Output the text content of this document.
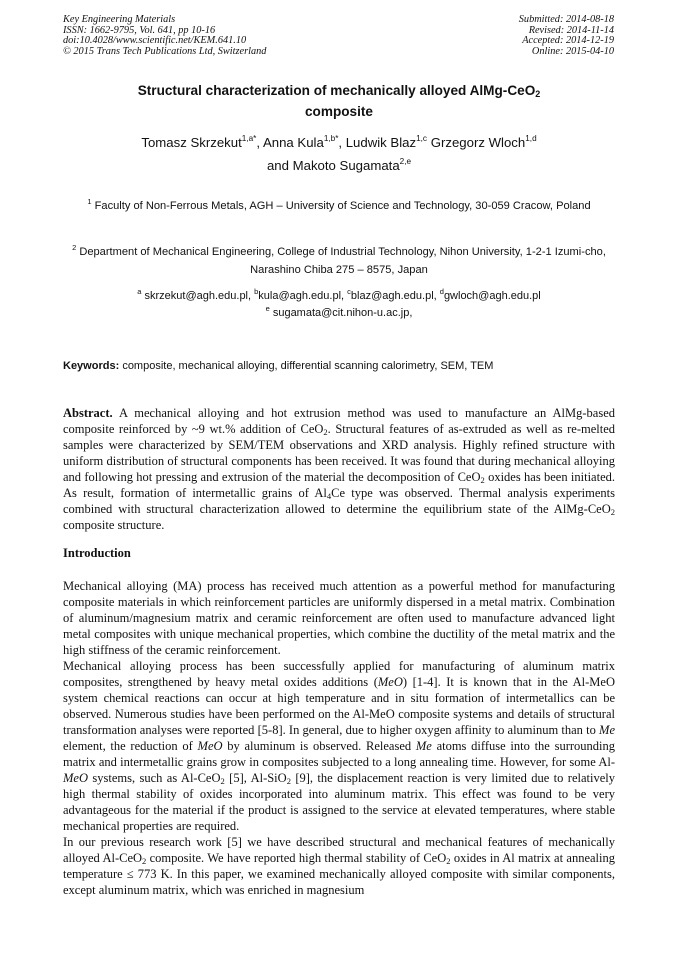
Key Engineering Materials
ISSN: 1662-9795, Vol. 641, pp 10-16
doi:10.4028/www.scientific.net/KEM.641.10
© 2015 Trans Tech Publications Ltd, Switzerland
Submitted: 2014-08-18
Revised: 2014-11-14
Accepted: 2014-12-19
Online: 2015-04-10
Structural characterization of mechanically alloyed AlMg-CeO$_2$
composite
Tomasz Skrzekut$^{1,a*}$, Anna Kula$^{1,b*}$, Ludwik Blaz$^{1,c}$ Grzegorz Wloch$^{1,d}$
and Makoto Sugamata$^{2,e}$
$^1$ Faculty of Non-Ferrous Metals, AGH – University of Science and Technology, 30-059 Cracow, Poland
$^2$ Department of Mechanical Engineering, College of Industrial Technology, Nihon University, 1-2-1 Izumi-cho, Narashino Chiba 275 – 8575, Japan
$^a$ skrzekut@agh.edu.pl, $^b$kula@agh.edu.pl, $^c$blaz@agh.edu.pl, $^d$gwloch@agh.edu.pl
$^e$ sugamata@cit.nihon-u.ac.jp,
Keywords: composite, mechanical alloying, differential scanning calorimetry, SEM, TEM

Abstract. A mechanical alloying and hot extrusion method was used to manufacture an AlMg-based composite reinforced by ~9 wt.% addition of CeO$_2$. Structural features of as-extruded as well as re-melted samples were characterized by SEM/TEM observations and XRD analysis. Highly refined structure with uniform distribution of structural components has been received. It was found that during mechanical alloying and following hot pressing and extrusion of the material the decomposition of CeO$_2$ oxides has been initiated. As result, formation of intermetallic grains of $Al_4Ce$ type was observed. Thermal analysis experiments combined with structural characterization allowed to determine the equilibrium state of the AlMg-CeO$_2$ composite structure.

Introduction

Mechanical alloying (MA) process has received much attention as a powerful method for manufacturing composite materials in which reinforcement particles are uniformly dispersed in a metal matrix. Combination of aluminum/magnesium matrix and ceramic reinforcement are often used to manufacture advanced light metal composites with unique mechanical properties, which combine the ductility of the metal matrix and the high stiffness of the ceramic reinforcement.

Mechanical alloying process has been successfully applied for manufacturing of aluminum matrix composites, strengthened by heavy metal oxides additions (MeO) [1-4]. It is known that in the Al-MeO system chemical reactions can occur at high temperature and in situ formation of intermetallics can be observed. Numerous studies have been performed on the Al-MeO composite systems and details of structural transformation analyses were reported [5-8]. In general, due to higher oxygen affinity to aluminum than to Me element, the reduction of MeO by aluminum is observed. Released Me atoms diffuse into the surrounding matrix and intermetallic grains grow in composites subjected to a long annealing time. However, for some Al-MeO systems, such as Al-CeO$_2$ [5], Al-SiO$_2$ [9], the displacement reaction is very limited due to relatively high thermal stability of oxides incorporated into aluminum matrix. This effect was found to be very advantageous for the material if the product is assigned to the service at elevated temperatures, where stable mechanical properties are required.

In our previous research work [5] we have described structural and mechanical features of mechanically alloyed Al-CeO$_2$ composite. We have reported high thermal stability of CeO$_2$ oxides in Al matrix at annealing temperature ≤ 773 K. In this paper, we examined mechanically alloyed composite with similar components, except aluminum matrix, which was enriched in magnesium
